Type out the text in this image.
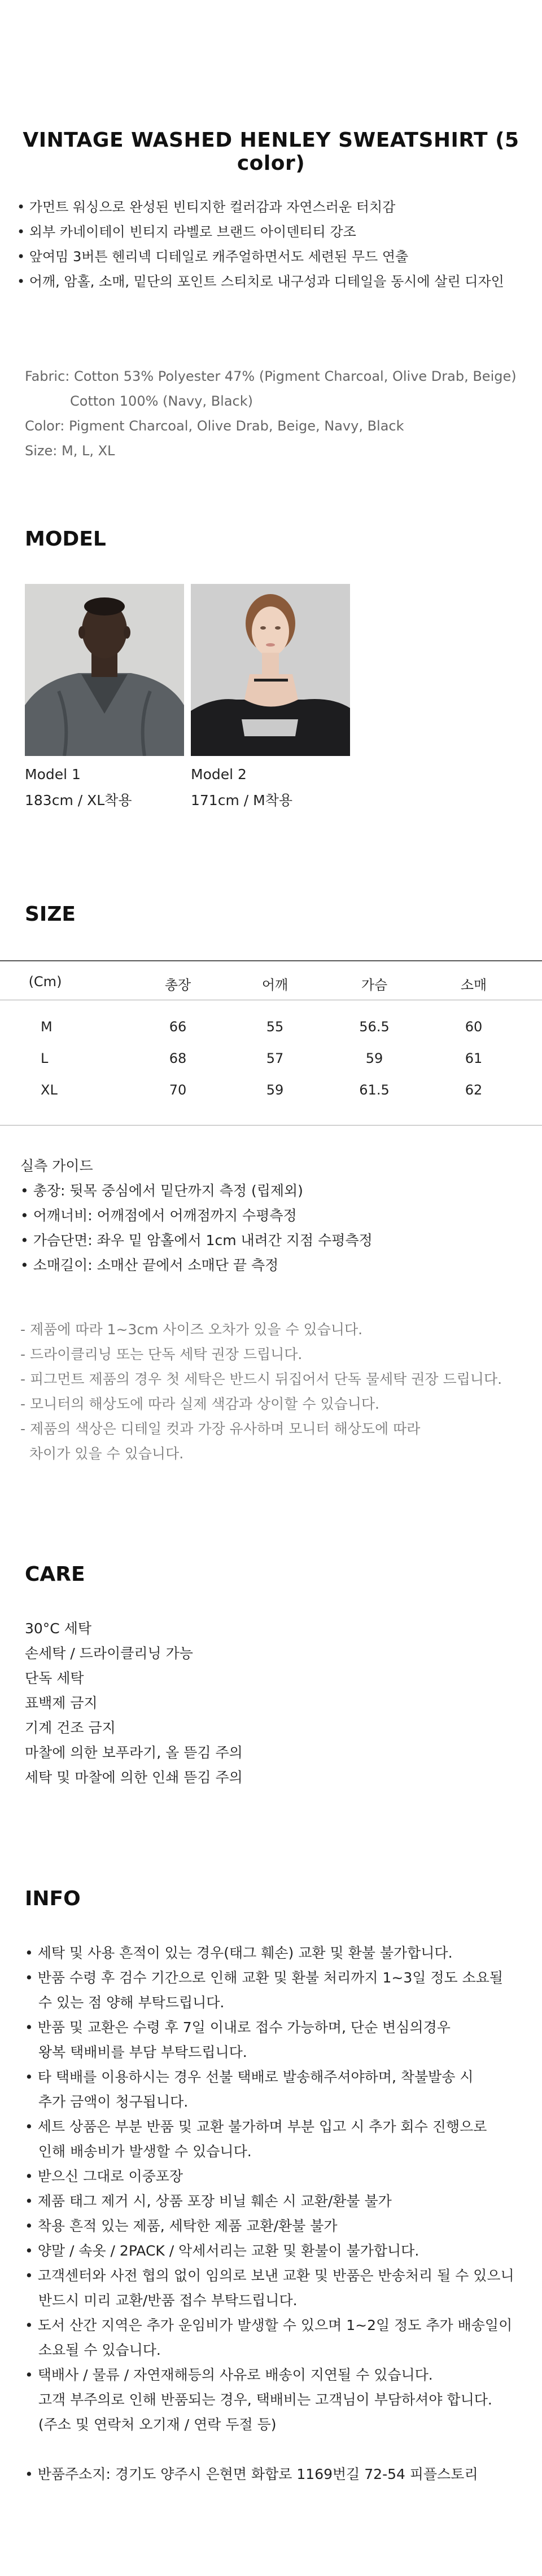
VINTAGE WASHED HENLEY SWEATSHIRT (5 color)
• 가먼트 워싱으로 완성된 빈티지한 컬러감과 자연스러운 터치감
• 외부 카네이테이 빈티지 라벨로 브랜드 아이덴티티 강조
• 앞여밈 3버튼 헨리넥 디테일로 캐주얼하면서도 세련된 무드 연출
• 어깨, 암홀, 소매, 밑단의 포인트 스티치로 내구성과 디테일을 동시에 살린 디자인
Fabric: Cotton 53% Polyester 47% (Pigment Charcoal, Olive Drab, Beige)
Cotton 100% (Navy, Black)
Color: Pigment Charcoal, Olive Drab, Beige, Navy, Black
Size: M, L, XL
MODEL
Model 1
183cm / XL착용
Model 2
171cm / M착용
SIZE
(Cm)	총장	어깨	가슴	소매
M	66	55	56.5	60
L	68	57	59	61
XL	70	59	61.5	62
실측 가이드
• 총장: 뒷목 중심에서 밑단까지 측정 (립제외)
• 어깨너비: 어깨점에서 어깨점까지 수평측정
• 가슴단면: 좌우 밑 암홀에서 1cm 내려간 지점 수평측정
• 소매길이: 소매산 끝에서 소매단 끝 측정
- 제품에 따라 1~3cm 사이즈 오차가 있을 수 있습니다.
- 드라이클리닝 또는 단독 세탁 권장 드립니다.
- 피그먼트 제품의 경우 첫 세탁은 반드시 뒤집어서 단독 물세탁 권장 드립니다.
- 모니터의 해상도에 따라 실제 색감과 상이할 수 있습니다.
- 제품의 색상은 디테일 컷과 가장 유사하며 모니터 해상도에 따라
차이가 있을 수 있습니다.
CARE
30°C 세탁
손세탁 / 드라이클리닝 가능
단독 세탁
표백제 금지
기계 건조 금지
마찰에 의한 보푸라기, 올 뜯김 주의
세탁 및 마찰에 의한 인쇄 뜯김 주의
INFO
• 세탁 및 사용 흔적이 있는 경우(태그 훼손) 교환 및 환불 불가합니다.
• 반품 수령 후 검수 기간으로 인해 교환 및 환불 처리까지 1~3일 정도 소요될
수 있는 점 양해 부탁드립니다.
• 반품 및 교환은 수령 후 7일 이내로 접수 가능하며, 단순 변심의경우
왕복 택배비를 부담 부탁드립니다.
• 타 택배를 이용하시는 경우 선불 택배로 발송해주셔야하며, 착불발송 시
추가 금액이 청구됩니다.
• 세트 상품은 부분 반품 및 교환 불가하며 부분 입고 시 추가 회수 진행으로
인해 배송비가 발생할 수 있습니다.
• 받으신 그대로 이중포장
• 제품 태그 제거 시, 상품 포장 비닐 훼손 시 교환/환불 불가
• 착용 흔적 있는 제품, 세탁한 제품 교환/환불 불가
• 양말 / 속옷 / 2PACK / 악세서리는 교환 및 환불이 불가합니다.
• 고객센터와 사전 협의 없이 임의로 보낸 교환 및 반품은 반송처리 될 수 있으니
반드시 미리 교환/반품 접수 부탁드립니다.
• 도서 산간 지역은 추가 운임비가 발생할 수 있으며 1~2일 정도 추가 배송일이
소요될 수 있습니다.
• 택배사 / 물류 / 자연재해등의 사유로 배송이 지연될 수 있습니다.
고객 부주의로 인해 반품되는 경우, 택배비는 고객님이 부담하셔야 합니다.
(주소 및 연락처 오기재 / 연락 두절 등)
• 반품주소지: 경기도 양주시 은현면 화합로 1169번길 72-54 피플스토리
